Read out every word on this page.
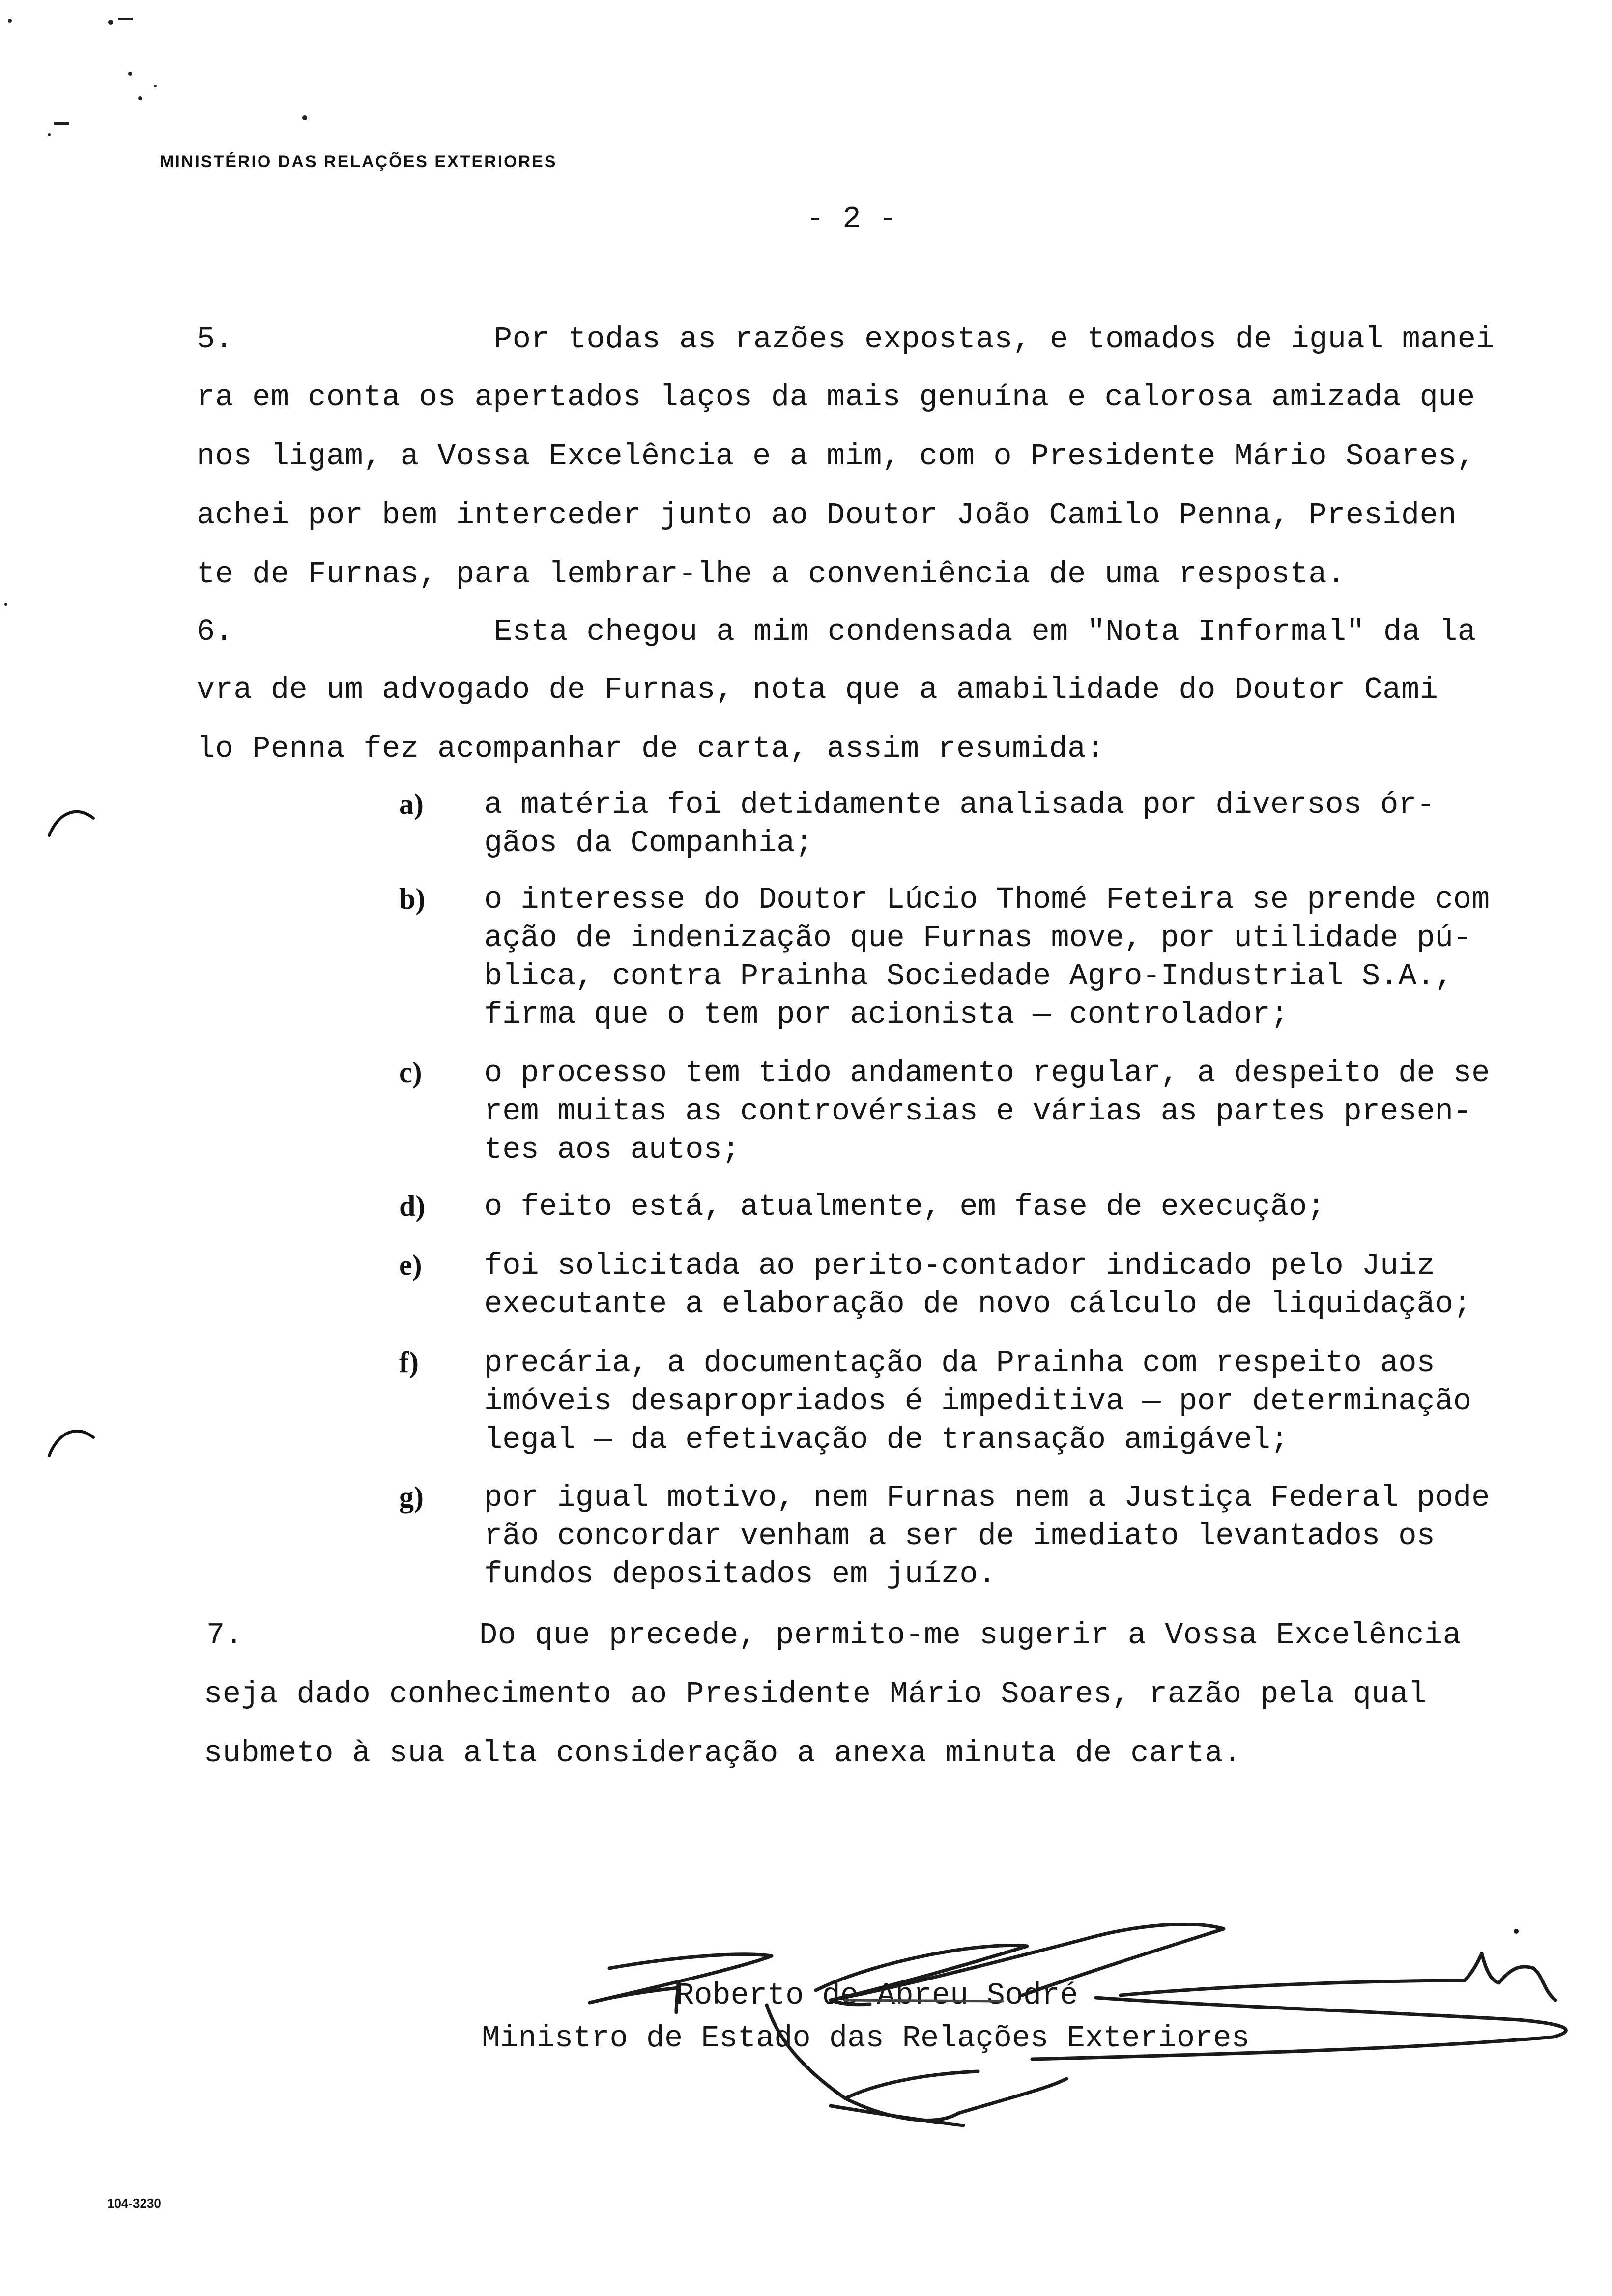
MINISTÉRIO DAS RELAÇÕES EXTERIORES
- 2 -
5.	Por todas as razões expostas, e tomados de igual manei
ra em conta os apertados laços da mais genuína e calorosa amizada que
nos ligam, a Vossa Excelência e a mim, com o Presidente Mário Soares,
achei por bem interceder junto ao Doutor João Camilo Penna, Presiden
te de Furnas, para lembrar-lhe a conveniência de uma resposta.
6.	Esta chegou a mim condensada em "Nota Informal" da la
vra de um advogado de Furnas, nota que a amabilidade do Doutor Cami
lo Penna fez acompanhar de carta, assim resumida:
a) a matéria foi detidamente analisada por diversos ór-
gãos da Companhia;
b) o interesse do Doutor Lúcio Thomé Feteira se prende com
ação de indenização que Furnas move, por utilidade pú-
blica, contra Prainha Sociedade Agro-Industrial S.A.,
firma que o tem por acionista — controlador;
c) o processo tem tido andamento regular, a despeito de se
rem muitas as controvérsias e várias as partes presen-
tes aos autos;
d) o feito está, atualmente, em fase de execução;
e) foi solicitada ao perito-contador indicado pelo Juiz
executante a elaboração de novo cálculo de liquidação;
f) precária, a documentação da Prainha com respeito aos
imóveis desapropriados é impeditiva — por determinação
legal — da efetivação de transação amigável;
g) por igual motivo, nem Furnas nem a Justiça Federal pode
rão concordar venham a ser de imediato levantados os
fundos depositados em juízo.
7.	Do que precede, permito-me sugerir a Vossa Excelência
seja dado conhecimento ao Presidente Mário Soares, razão pela qual
submeto à sua alta consideração a anexa minuta de carta.
Roberto de Abreu Sodré
Ministro de Estado das Relações Exteriores
104-3230
